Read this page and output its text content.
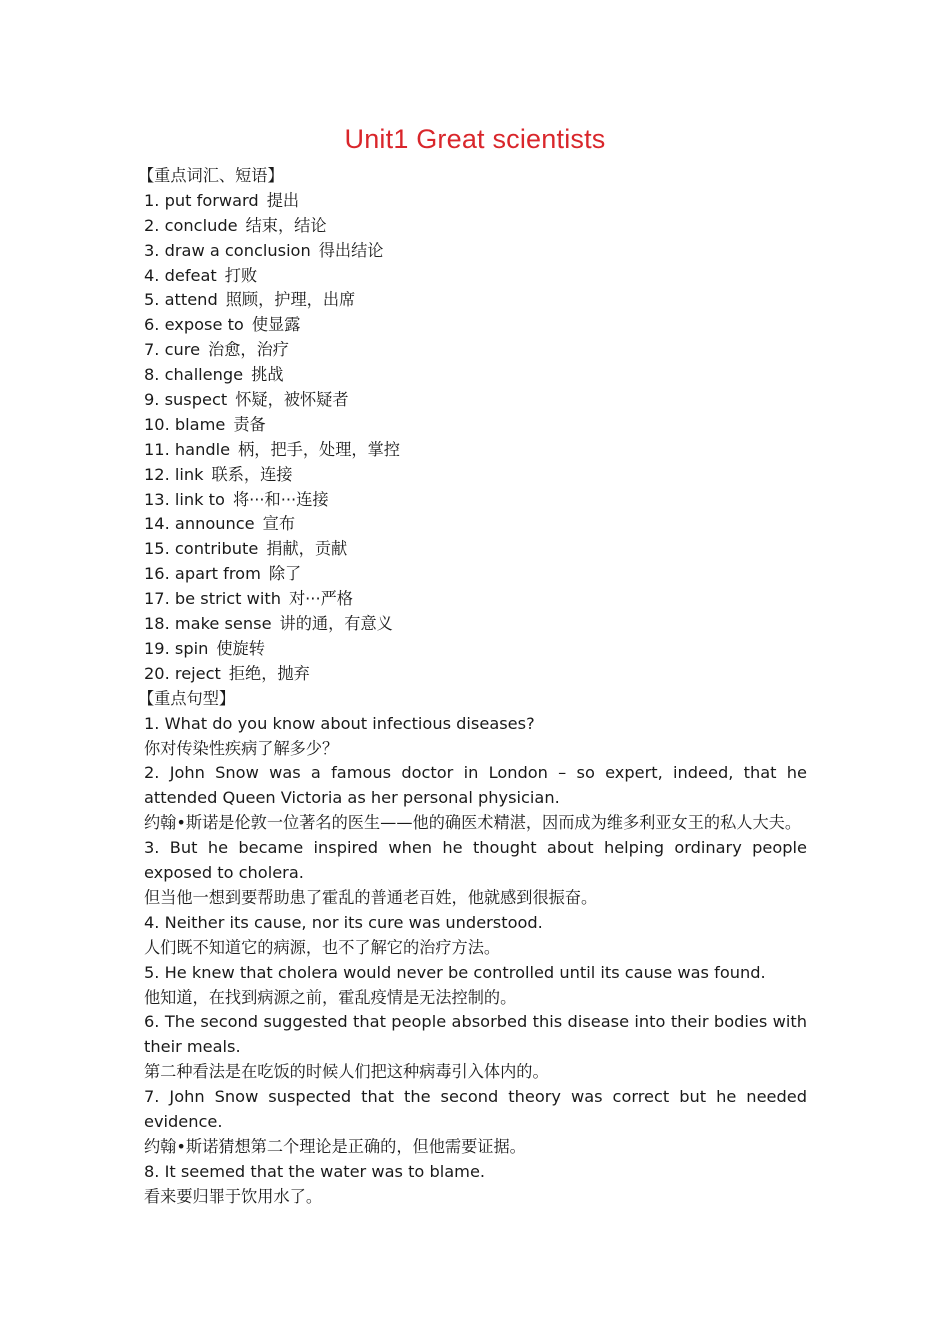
Unit1 Great scientists
【重点词汇、短语】
1. put forward 提出
2. conclude 结束，结论
3. draw a conclusion 得出结论
4. defeat 打败
5. attend 照顾，护理，出席
6. expose to 使显露
7. cure 治愈，治疗
8. challenge 挑战
9. suspect 怀疑，被怀疑者
10. blame 责备
11. handle 柄，把手，处理，掌控
12. link 联系，连接
13. link to 将···和···连接
14. announce 宣布
15. contribute 捐献，贡献
16. apart from 除了
17. be strict with 对···严格
18. make sense 讲的通，有意义
19. spin 使旋转
20. reject 拒绝，抛弃
【重点句型】
1. What do you know about infectious diseases?
你对传染性疾病了解多少？
2. John Snow was a famous doctor in London – so expert, indeed, that he attended Queen Victoria as her personal physician.
约翰•斯诺是伦敦一位著名的医生——他的确医术精湛，因而成为维多利亚女王的私人大夫。
3. But he became inspired when he thought about helping ordinary people exposed to cholera.
但当他一想到要帮助患了霍乱的普通老百姓，他就感到很振奋。
4. Neither its cause, nor its cure was understood.
人们既不知道它的病源，也不了解它的治疗方法。
5. He knew that cholera would never be controlled until its cause was found.
他知道，在找到病源之前，霍乱疫情是无法控制的。
6. The second suggested that people absorbed this disease into their bodies with their meals.
第二种看法是在吃饭的时候人们把这种病毒引入体内的。
7. John Snow suspected that the second theory was correct but he needed evidence.
约翰•斯诺猜想第二个理论是正确的，但他需要证据。
8. It seemed that the water was to blame.
看来要归罪于饮用水了。
